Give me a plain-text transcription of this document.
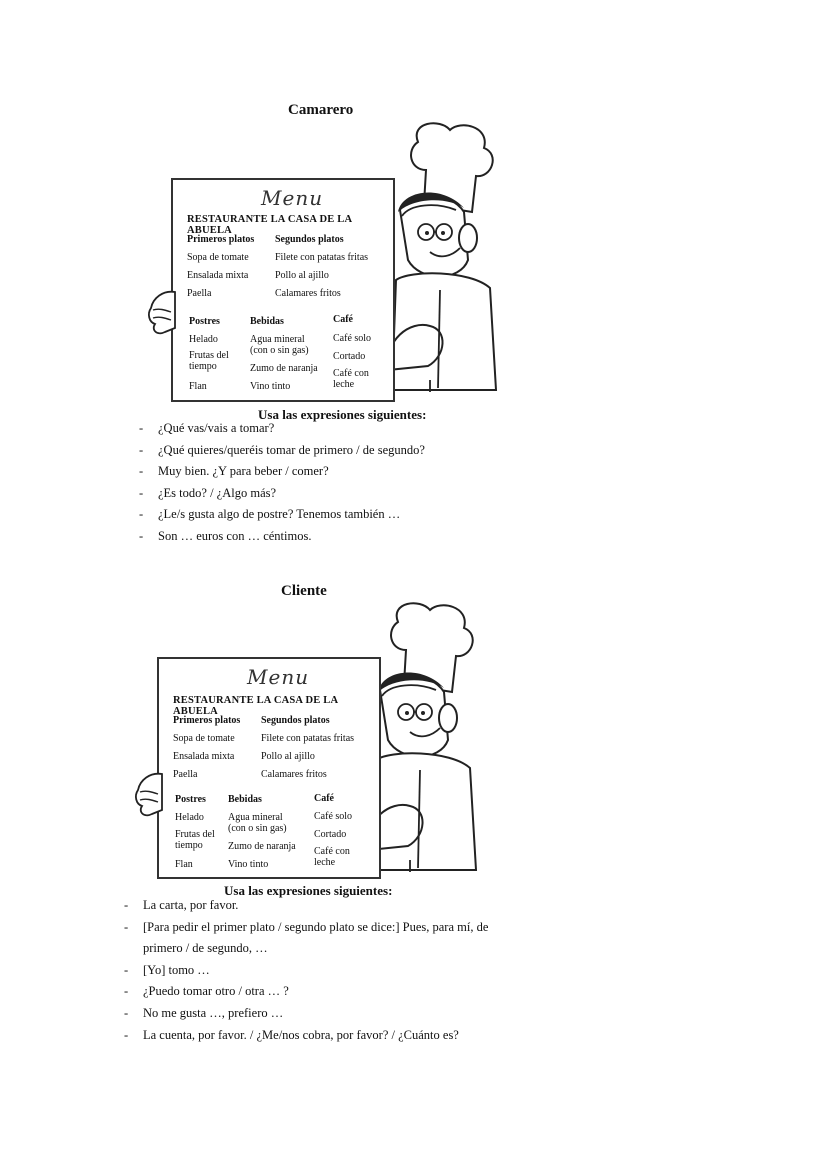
Camarero
Menu
RESTAURANTE LA CASA DE LA ABUELA
Primeros platos
Sopa de tomate
Ensalada mixta
Paella
Segundos platos
Filete con patatas fritas
Pollo al ajillo
Calamares fritos
Postres
Helado
Frutas del tiempo
Flan
Bebidas
Agua mineral (con o sin gas)
Zumo de naranja
Vino tinto
Café
Café solo
Cortado
Café con leche
Usa las expresiones siguientes:
- ¿Qué vas/vais a tomar?
- ¿Qué quieres/queréis tomar de primero / de segundo?
- Muy bien. ¿Y para beber / comer?
- ¿Es todo? / ¿Algo más?
- ¿Le/s gusta algo de postre? Tenemos también …
- Son … euros con … céntimos.
Cliente
Menu
RESTAURANTE LA CASA DE LA ABUELA
Primeros platos
Sopa de tomate
Ensalada mixta
Paella
Segundos platos
Filete con patatas fritas
Pollo al ajillo
Calamares fritos
Postres
Helado
Frutas del tiempo
Flan
Bebidas
Agua mineral (con o sin gas)
Zumo de naranja
Vino tinto
Café
Café solo
Cortado
Café con leche
Usa las expresiones siguientes:
- La carta, por favor.
- [Para pedir el primer plato / segundo plato se dice:] Pues, para mí, de primero / de segundo, …
- [Yo] tomo …
- ¿Puedo tomar otro / otra … ?
- No me gusta …, prefiero …
- La cuenta, por favor. / ¿Me/nos cobra, por favor? / ¿Cuánto es?
